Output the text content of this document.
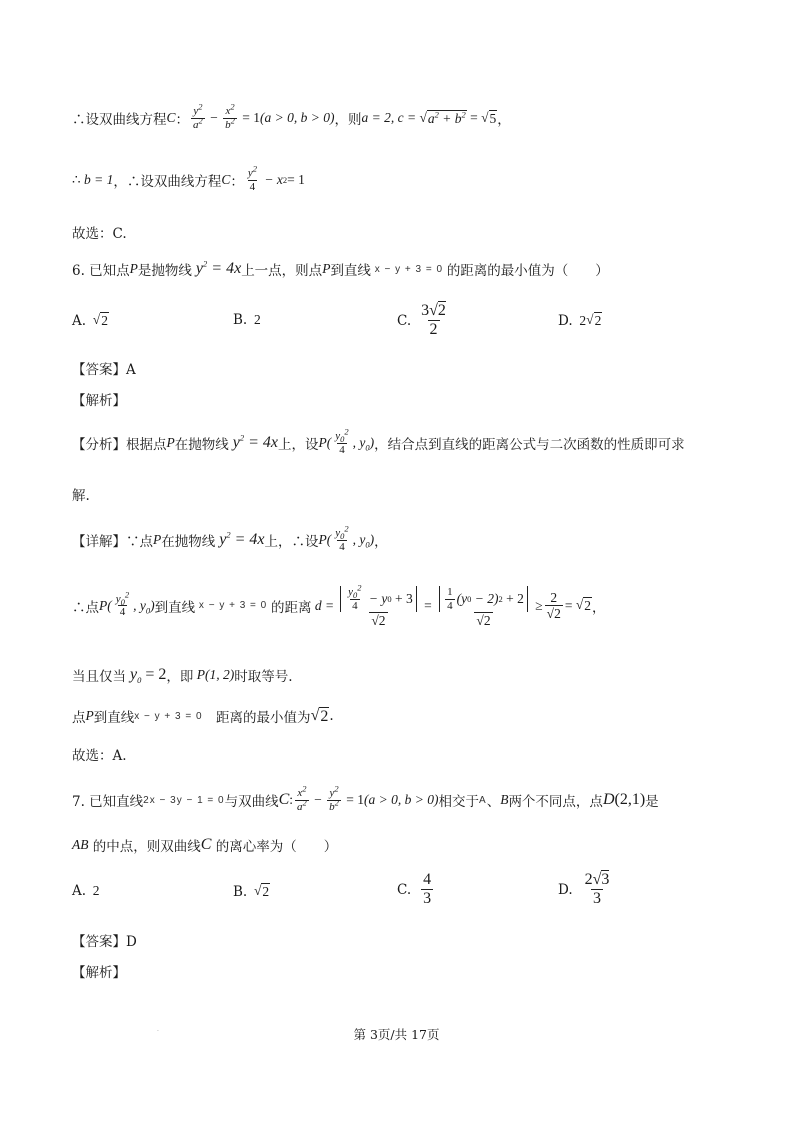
∴设双曲线方程 C ： $\frac{y^2}{a^2} - \frac{x^2}{b^2} = 1$ (a > 0, b > 0) ，则 a = 2, c = √ $a^2 + b^2$
= √ 5 ，
∴
b = 1 ，∴设双曲线方程 C ： $\frac{y^2}{4}$
− x 2 = 1
故选：C.
6. 已知点 P 是抛物线 $y^2 = 4x$ 上一点，则点 P 到直线
x − y + 3 = 0
的距离的最小值为（　　）
A. √ 2	B.
2	C. $\frac{3√2}{2}$	D.
2 √ 2
【答案】A
【解析】
【分析】根据点 P 在抛物线 $y^2 = 4x$ 上，设 $P( \frac{y_0^2}{4}$ , $y_0$) ，结合点到直线的距离公式与二次函数的性质即可求
解.
【详解】∵点 P 在抛物线 $y^2 = 4x$ 上，∴设 $P( \frac{y_0^2}{4}$ , $y_0$) ，
∴点 $P( \frac{y_0^2}{4}$ , $y_0$) 到直线
x − y + 3 = 0
的距离
$d = \frac{y_0^2}{4}$
− y 0
+ 3
$√2 = \frac{1}{4} (y$ 0
− 2) 2
+ 2
√2
≥ $\frac{2}{√2}$ = √ 2 ，
当且仅当 $y_0 = 2$ ，即
P(1, 2) 时取等号.
点 P 到直线 x − y + 3 = 0 　距离的最小值为 √ 2 .
故选：A.
7. 已知直线 2x − 3y − 1 = 0 与双曲线 C : $\frac{x^2}{a^2} - \frac{y^2}{b^2} = 1$ (a > 0, b > 0) 相交于 A 、 B 两个不同点，点 D (2,1) 是
AB
的中点，则双曲线 C
的离心率为（　　）
A.
2	B. √ 2	C. $\frac{4}{3}$	D. $\frac{2√3}{3}$
【答案】D
【解析】
·	第 3页/共 17页
